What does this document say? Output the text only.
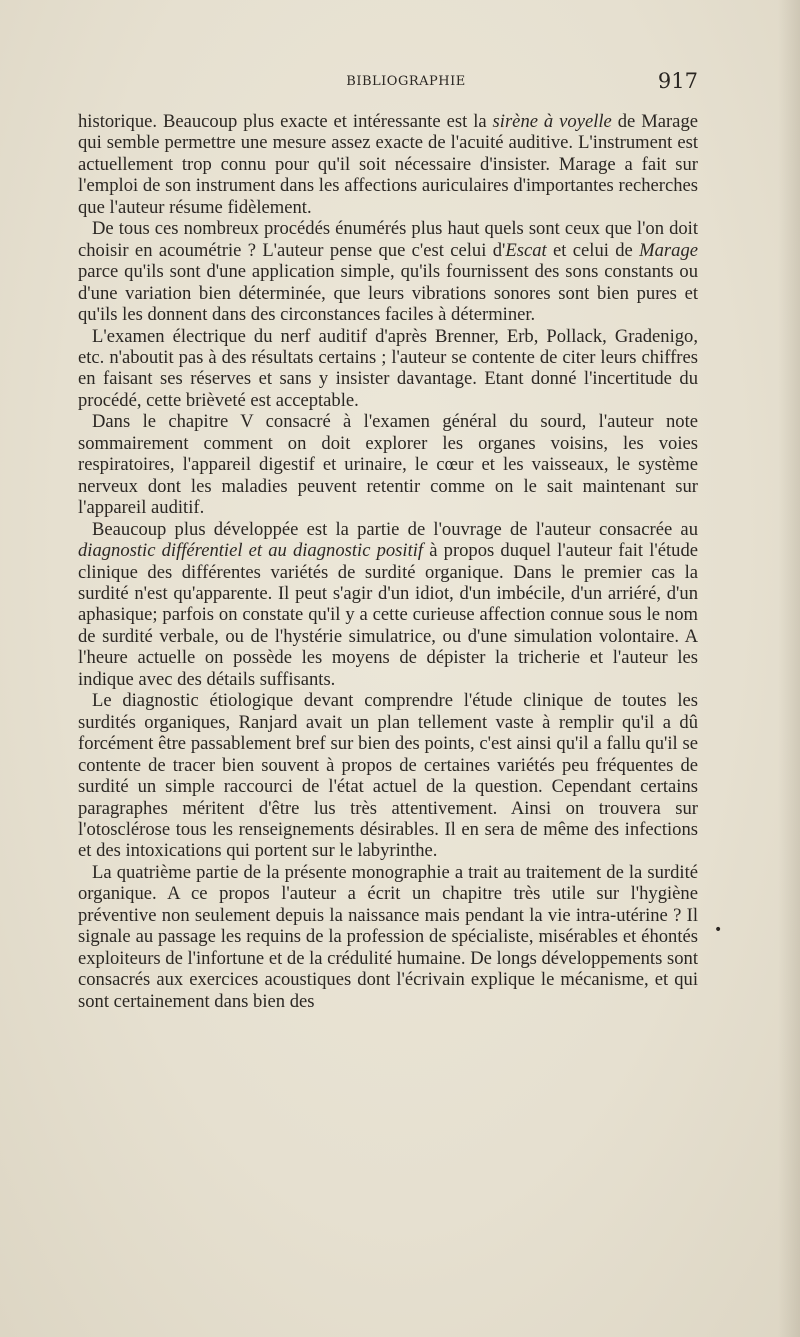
BIBLIOGRAPHIE	917

historique. Beaucoup plus exacte et intéressante est la sirène à voyelle de Marage qui semble permettre une mesure assez exacte de l'acuité auditive. L'instrument est actuellement trop connu pour qu'il soit nécessaire d'insister. Marage a fait sur l'emploi de son instrument dans les affections auriculaires d'importantes recherches que l'auteur résume fidèlement.

De tous ces nombreux procédés énumérés plus haut quels sont ceux que l'on doit choisir en acoumétrie ? L'auteur pense que c'est celui d'Escat et celui de Marage parce qu'ils sont d'une application simple, qu'ils fournissent des sons constants ou d'une variation bien déterminée, que leurs vibrations sonores sont bien pures et qu'ils les donnent dans des circonstances faciles à déterminer.

L'examen électrique du nerf auditif d'après Brenner, Erb, Pollack, Gradenigo, etc. n'aboutit pas à des résultats certains ; l'auteur se contente de citer leurs chiffres en faisant ses réserves et sans y insister davantage. Etant donné l'incertitude du procédé, cette brièveté est acceptable.

Dans le chapitre V consacré à l'examen général du sourd, l'auteur note sommairement comment on doit explorer les organes voisins, les voies respiratoires, l'appareil digestif et urinaire, le cœur et les vaisseaux, le système nerveux dont les maladies peuvent retentir comme on le sait maintenant sur l'appareil auditif.

Beaucoup plus développée est la partie de l'ouvrage de l'auteur consacrée au diagnostic différentiel et au diagnostic positif à propos duquel l'auteur fait l'étude clinique des différentes variétés de surdité organique. Dans le premier cas la surdité n'est qu'apparente. Il peut s'agir d'un idiot, d'un imbécile, d'un arriéré, d'un aphasique; parfois on constate qu'il y a cette curieuse affection connue sous le nom de surdité verbale, ou de l'hystérie simulatrice, ou d'une simulation volontaire. A l'heure actuelle on possède les moyens de dépister la tricherie et l'auteur les indique avec des détails suffisants.

Le diagnostic étiologique devant comprendre l'étude clinique de toutes les surdités organiques, Ranjard avait un plan tellement vaste à remplir qu'il a dû forcément être passablement bref sur bien des points, c'est ainsi qu'il a fallu qu'il se contente de tracer bien souvent à propos de certaines variétés peu fréquentes de surdité un simple raccourci de l'état actuel de la question. Cependant certains paragraphes méritent d'être lus très attentivement. Ainsi on trouvera sur l'otosclérose tous les renseignements désirables. Il en sera de même des infections et des intoxications qui portent sur le labyrinthe.

La quatrième partie de la présente monographie a trait au traitement de la surdité organique. A ce propos l'auteur a écrit un chapitre très utile sur l'hygiène préventive non seulement depuis la naissance mais pendant la vie intra-utérine ? Il signale au passage les requins de la profession de spécialiste, misérables et éhontés exploiteurs de l'infortune et de la crédulité humaine. De longs développements sont consacrés aux exercices acoustiques dont l'écrivain explique le mécanisme, et qui sont certainement dans bien des

•
